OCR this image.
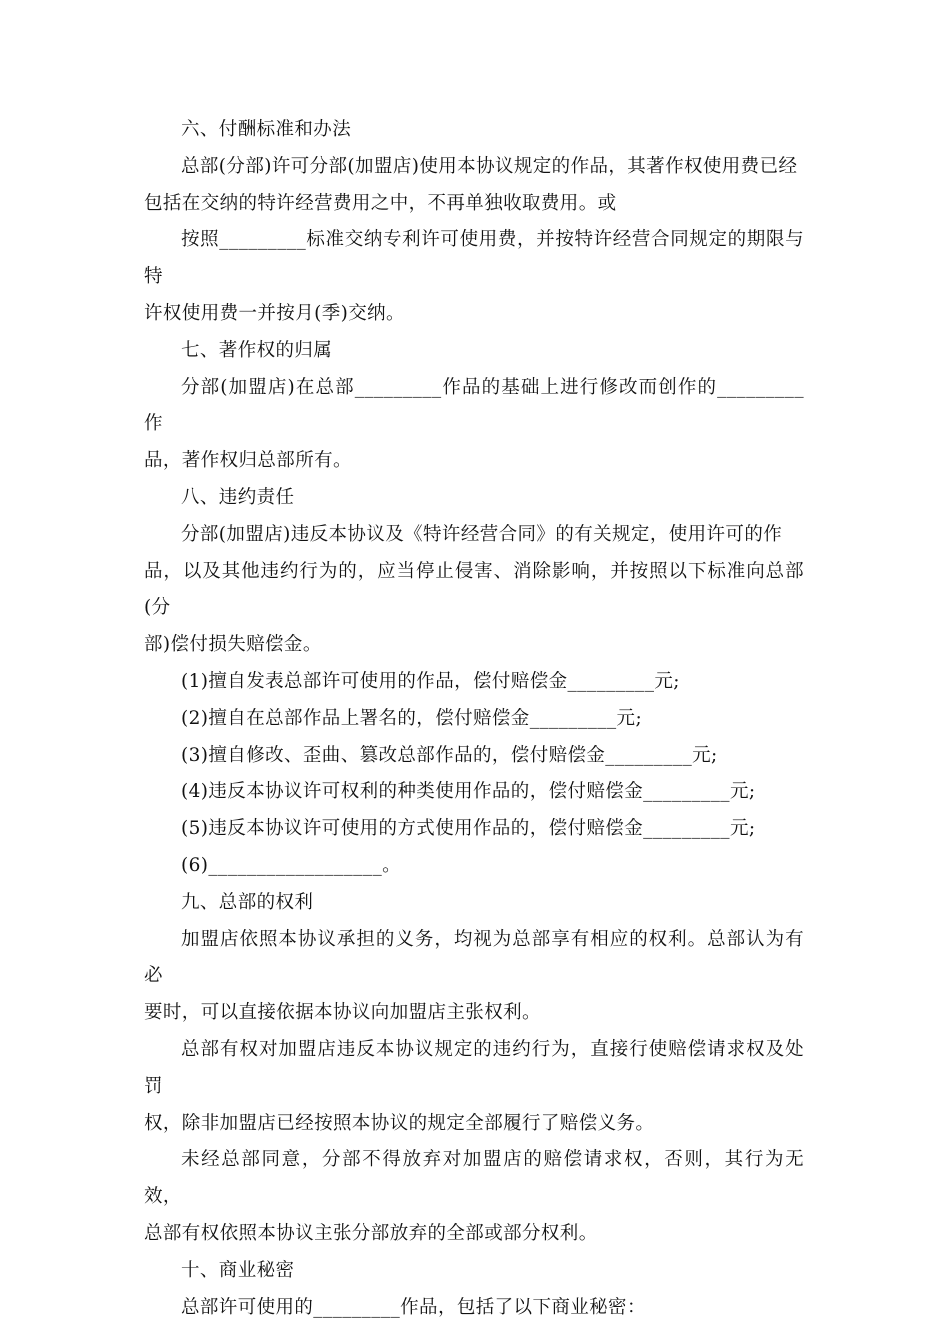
六、付酬标准和办法

总部(分部)许可分部(加盟店)使用本协议规定的作品，其著作权使用费已经

包括在交纳的特许经营费用之中，不再单独收取费用。或

按照_________标准交纳专利许可使用费，并按特许经营合同规定的期限与特

许权使用费一并按月(季)交纳。

七、著作权的归属

分部(加盟店)在总部_________作品的基础上进行修改而创作的_________作

品，著作权归总部所有。

八、违约责任

分部(加盟店)违反本协议及《特许经营合同》的有关规定，使用许可的作

品，以及其他违约行为的，应当停止侵害、消除影响，并按照以下标准向总部(分

部)偿付损失赔偿金。

(1)擅自发表总部许可使用的作品，偿付赔偿金_________元;

(2)擅自在总部作品上署名的，偿付赔偿金_________元;

(3)擅自修改、歪曲、篡改总部作品的，偿付赔偿金_________元;

(4)违反本协议许可权利的种类使用作品的，偿付赔偿金_________元;

(5)违反本协议许可使用的方式使用作品的，偿付赔偿金_________元;

(6)__________________。

九、总部的权利

加盟店依照本协议承担的义务，均视为总部享有相应的权利。总部认为有必

要时，可以直接依据本协议向加盟店主张权利。

总部有权对加盟店违反本协议规定的违约行为，直接行使赔偿请求权及处罚

权，除非加盟店已经按照本协议的规定全部履行了赔偿义务。

未经总部同意，分部不得放弃对加盟店的赔偿请求权，否则，其行为无效，

总部有权依照本协议主张分部放弃的全部或部分权利。

十、商业秘密

总部许可使用的_________作品，包括了以下商业秘密：
